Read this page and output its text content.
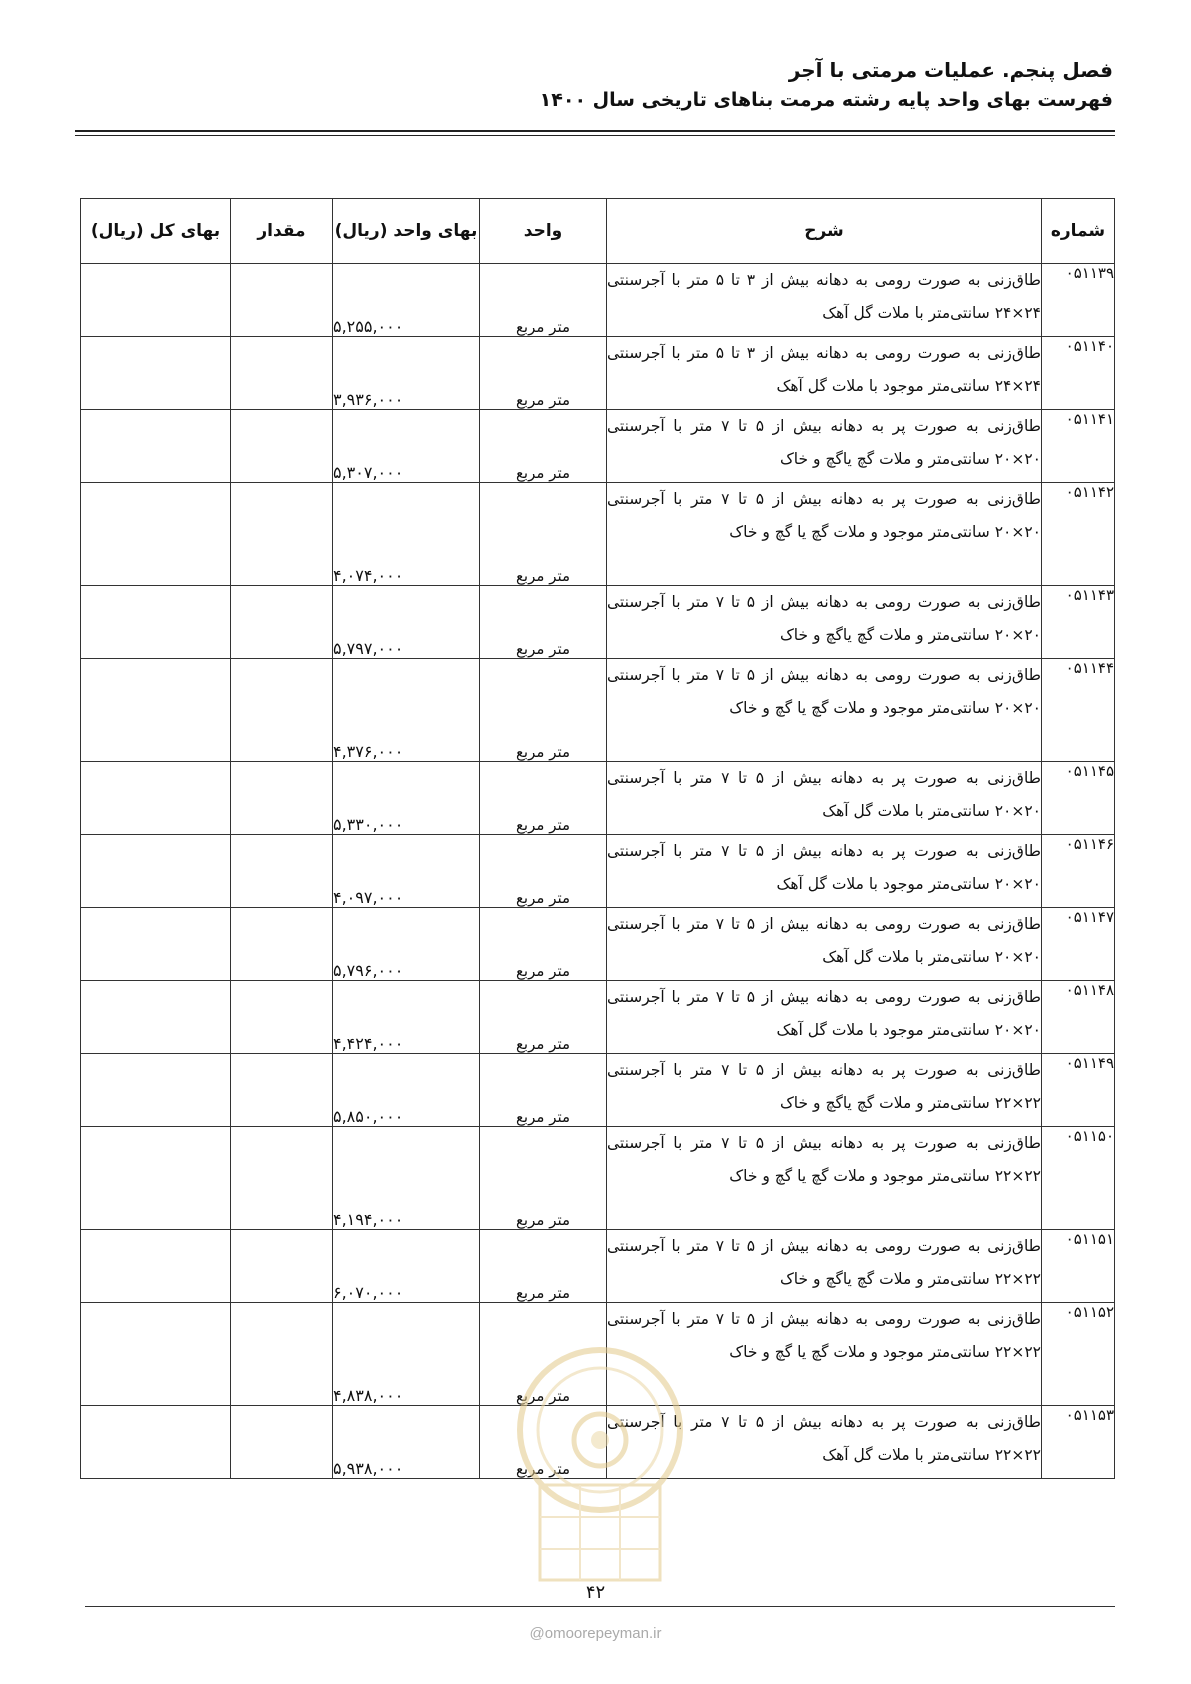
فصل پنجم. عملیات مرمتی با آجر
فهرست بهای واحد پایه رشته مرمت بناهای تاریخی سال ۱۴۰۰
شماره	شرح	واحد	بهای واحد (ریال)	مقدار	بهای کل (ریال)
۰۵۱۱۳۹	طاق‌زنی به صورت رومی به دهانه بیش از ۳ تا ۵ متر با آجرسنتی ۲۴×۲۴ سانتی‌متر با ملات گل آهک	متر مربع	۵,۲۵۵,۰۰۰		
۰۵۱۱۴۰	طاق‌زنی به صورت رومی به دهانه بیش از ۳ تا ۵ متر با آجرسنتی ۲۴×۲۴ سانتی‌متر موجود با ملات گل آهک	متر مربع	۳,۹۳۶,۰۰۰		
۰۵۱۱۴۱	طاق‌زنی به صورت پر به دهانه بیش از ۵ تا ۷ متر با آجرسنتی ۲۰×۲۰ سانتی‌متر و ملات گچ یاگچ و خاک	متر مربع	۵,۳۰۷,۰۰۰		
۰۵۱۱۴۲	طاق‌زنی به صورت پر به دهانه بیش از ۵ تا ۷ متر با آجرسنتی ۲۰×۲۰ سانتی‌متر موجود و ملات گچ یا گچ و خاک	متر مربع	۴,۰۷۴,۰۰۰		
۰۵۱۱۴۳	طاق‌زنی به صورت رومی به دهانه بیش از ۵ تا ۷ متر با آجرسنتی ۲۰×۲۰ سانتی‌متر و ملات گچ یاگچ و خاک	متر مربع	۵,۷۹۷,۰۰۰		
۰۵۱۱۴۴	طاق‌زنی به صورت رومی به دهانه بیش از ۵ تا ۷ متر با آجرسنتی ۲۰×۲۰ سانتی‌متر موجود و ملات گچ یا گچ و خاک	متر مربع	۴,۳۷۶,۰۰۰		
۰۵۱۱۴۵	طاق‌زنی به صورت پر به دهانه بیش از ۵ تا ۷ متر با آجرسنتی ۲۰×۲۰ سانتی‌متر با ملات گل آهک	متر مربع	۵,۳۳۰,۰۰۰		
۰۵۱۱۴۶	طاق‌زنی به صورت پر به دهانه بیش از ۵ تا ۷ متر با آجرسنتی ۲۰×۲۰ سانتی‌متر موجود با ملات گل آهک	متر مربع	۴,۰۹۷,۰۰۰		
۰۵۱۱۴۷	طاق‌زنی به صورت رومی به دهانه بیش از ۵ تا ۷ متر با آجرسنتی ۲۰×۲۰ سانتی‌متر با ملات گل آهک	متر مربع	۵,۷۹۶,۰۰۰		
۰۵۱۱۴۸	طاق‌زنی به صورت رومی به دهانه بیش از ۵ تا ۷ متر با آجرسنتی ۲۰×۲۰ سانتی‌متر موجود با ملات گل آهک	متر مربع	۴,۴۲۴,۰۰۰		
۰۵۱۱۴۹	طاق‌زنی به صورت پر به دهانه بیش از ۵ تا ۷ متر با آجرسنتی ۲۲×۲۲ سانتی‌متر و ملات گچ یاگچ و خاک	متر مربع	۵,۸۵۰,۰۰۰		
۰۵۱۱۵۰	طاق‌زنی به صورت پر به دهانه بیش از ۵ تا ۷ متر با آجرسنتی ۲۲×۲۲ سانتی‌متر موجود و ملات گچ یا گچ و خاک	متر مربع	۴,۱۹۴,۰۰۰		
۰۵۱۱۵۱	طاق‌زنی به صورت رومی به دهانه بیش از ۵ تا ۷ متر با آجرسنتی ۲۲×۲۲ سانتی‌متر و ملات گچ یاگچ و خاک	متر مربع	۶,۰۷۰,۰۰۰		
۰۵۱۱۵۲	طاق‌زنی به صورت رومی به دهانه بیش از ۵ تا ۷ متر با آجرسنتی ۲۲×۲۲ سانتی‌متر موجود و ملات گچ یا گچ و خاک	متر مربع	۴,۸۳۸,۰۰۰		
۰۵۱۱۵۳	طاق‌زنی به صورت پر به دهانه بیش از ۵ تا ۷ متر با آجرسنتی ۲۲×۲۲ سانتی‌متر با ملات گل آهک	متر مربع	۵,۹۳۸,۰۰۰		
۴۲
@omoorepeyman.ir
